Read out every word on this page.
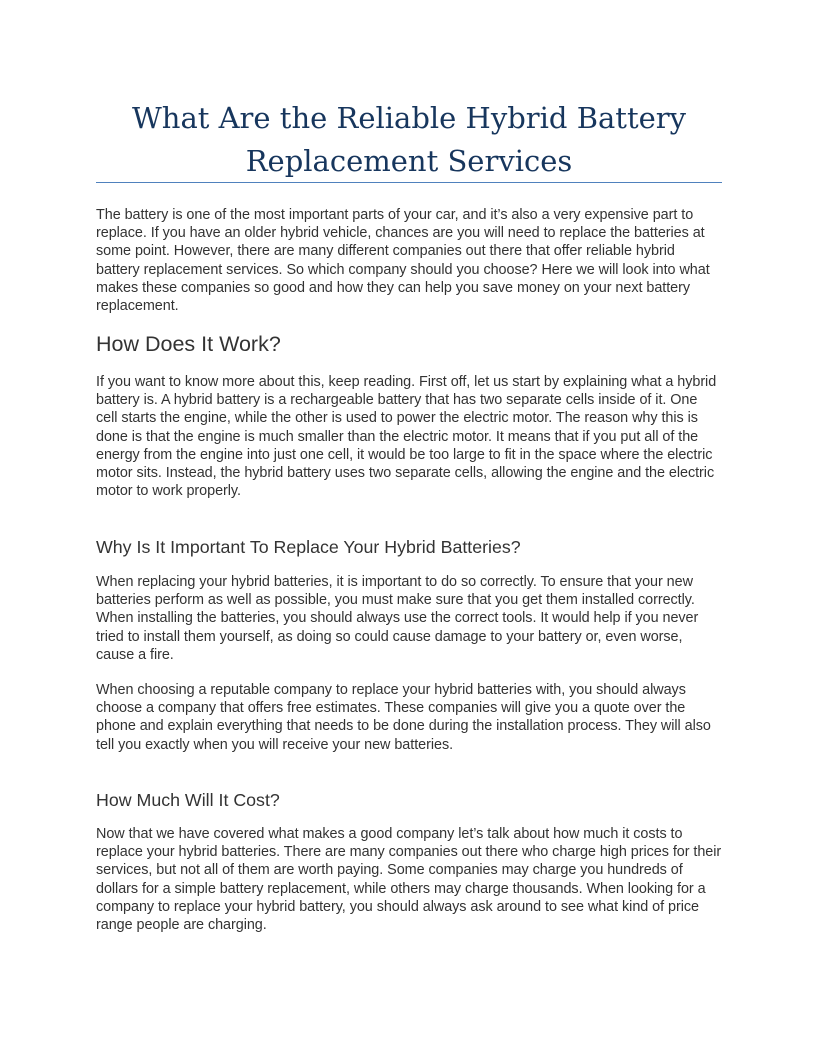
What Are the Reliable Hybrid Battery Replacement Services

The battery is one of the most important parts of your car, and it’s also a very expensive part to replace. If you have an older hybrid vehicle, chances are you will need to replace the batteries at some point. However, there are many different companies out there that offer reliable hybrid battery replacement services. So which company should you choose? Here we will look into what makes these companies so good and how they can help you save money on your next battery replacement.

How Does It Work?

If you want to know more about this, keep reading. First off, let us start by explaining what a hybrid battery is. A hybrid battery is a rechargeable battery that has two separate cells inside of it. One cell starts the engine, while the other is used to power the electric motor. The reason why this is done is that the engine is much smaller than the electric motor. It means that if you put all of the energy from the engine into just one cell, it would be too large to fit in the space where the electric motor sits. Instead, the hybrid battery uses two separate cells, allowing the engine and the electric motor to work properly.

Why Is It Important To Replace Your Hybrid Batteries?

When replacing your hybrid batteries, it is important to do so correctly. To ensure that your new batteries perform as well as possible, you must make sure that you get them installed correctly. When installing the batteries, you should always use the correct tools. It would help if you never tried to install them yourself, as doing so could cause damage to your battery or, even worse, cause a fire.

When choosing a reputable company to replace your hybrid batteries with, you should always choose a company that offers free estimates. These companies will give you a quote over the phone and explain everything that needs to be done during the installation process. They will also tell you exactly when you will receive your new batteries.

How Much Will It Cost?

Now that we have covered what makes a good company let’s talk about how much it costs to replace your hybrid batteries. There are many companies out there who charge high prices for their services, but not all of them are worth paying. Some companies may charge you hundreds of dollars for a simple battery replacement, while others may charge thousands. When looking for a company to replace your hybrid battery, you should always ask around to see what kind of price range people are charging.
